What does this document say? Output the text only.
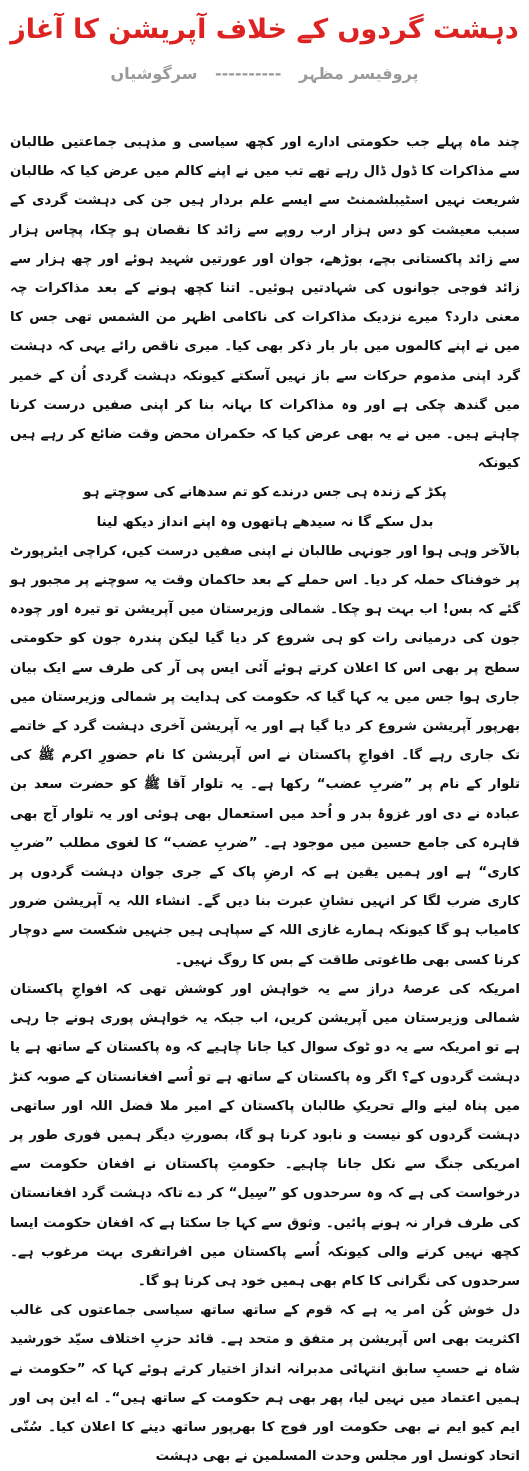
دہشت گردوں کے خلاف آپریشن کا آغاز
پروفیسر مظہر ---------- سرگوشیاں

چند ماہ پہلے جب حکومتی ادارے اور کچھ سیاسی و مذہبی جماعتیں طالبان سے مذاکرات کا ڈول ڈال رہے تھے تب میں نے اپنے کالم میں عرض کیا کہ طالبان شریعت نہیں اسٹیبلشمنٹ سے ایسے علم بردار ہیں جن کی دہشت گردی کے سبب معیشت کو دس ہزار ارب روپے سے زائد کا نقصان ہو چکا، پچاس ہزار سے زائد پاکستانی بچے، بوڑھے، جوان اور عورتیں شہید ہوئے اور چھ ہزار سے زائد فوجی جوانوں کی شہادتیں ہوئیں۔ اتنا کچھ ہونے کے بعد مذاکرات چہ معنی دارد؟ میرے نزدیک مذاکرات کی ناکامی اظہر من الشمس تھی جس کا میں نے اپنے کالموں میں بار بار ذکر بھی کیا۔ میری ناقص رائے یہی کہ دہشت گرد اپنی مذموم حرکات سے باز نہیں آسکتے کیونکہ دہشت گردی اُن کے خمیر میں گندھ چکی ہے اور وہ مذاکرات کا بہانہ بنا کر اپنی صفیں درست کرنا چاہتے ہیں۔ میں نے یہ بھی عرض کیا کہ حکمران محض وقت ضائع کر رہے ہیں کیونکہ

پکڑ کے زندہ ہی جس درندے کو تم سدھانے کی سوچتے ہو
بدل سکے گا نہ سیدھے ہاتھوں وہ اپنے انداز دیکھ لینا

بالآخر وہی ہوا اور جونہی طالبان نے اپنی صفیں درست کیں، کراچی ایئرپورٹ پر خوفناک حملہ کر دیا۔ اس حملے کے بعد حاکمان وقت یہ سوچنے پر مجبور ہو گئے کہ بس! اب بہت ہو چکا۔ شمالی وزیرستان میں آپریشن تو تیرہ اور چودہ جون کی درمیانی رات کو ہی شروع کر دیا گیا لیکن پندرہ جون کو حکومتی سطح پر بھی اس کا اعلان کرتے ہوئے آئی ایس پی آر کی طرف سے ایک بیان جاری ہوا جس میں یہ کہا گیا کہ حکومت کی ہدایت پر شمالی وزیرستان میں بھرپور آپریشن شروع کر دیا گیا ہے اور یہ آپریشن آخری دہشت گرد کے خاتمے تک جاری رہے گا۔ افواجِ پاکستان نے اس آپریشن کا نام حضورِ اکرم ﷺ کی تلوار کے نام پر ”ضربِ عضب“ رکھا ہے۔ یہ تلوار آقا ﷺ کو حضرت سعد بن عبادہ نے دی اور غزوۂ بدر و اُحد میں استعمال بھی ہوئی اور یہ تلوار آج بھی قاہرہ کی جامع حسین میں موجود ہے۔ ”ضربِ عضب“ کا لغوی مطلب ”ضربِ کاری“ ہے اور ہمیں یقین ہے کہ ارضِ پاک کے جری جوان دہشت گردوں پر کاری ضرب لگا کر انہیں نشانِ عبرت بنا دیں گے۔ انشاء اللہ یہ آپریشن ضرور کامیاب ہو گا کیونکہ ہمارے غازی اللہ کے سپاہی ہیں جنہیں شکست سے دوچار کرنا کسی بھی طاغوتی طاقت کے بس کا روگ نہیں۔

امریکہ کی عرصۂ دراز سے یہ خواہش اور کوشش تھی کہ افواجِ پاکستان شمالی وزیرستان میں آپریشن کریں، اب جبکہ یہ خواہش پوری ہونے جا رہی ہے تو امریکہ سے یہ دو ٹوک سوال کیا جانا چاہیے کہ وہ پاکستان کے ساتھ ہے یا دہشت گردوں کے؟ اگر وہ پاکستان کے ساتھ ہے تو اُسے افغانستان کے صوبہ کنڑ میں پناہ لینے والے تحریکِ طالبان پاکستان کے امیر ملا فضل اللہ اور ساتھی دہشت گردوں کو نیست و نابود کرنا ہو گا، بصورتِ دیگر ہمیں فوری طور پر امریکی جنگ سے نکل جانا چاہیے۔ حکومتِ پاکستان نے افغان حکومت سے درخواست کی ہے کہ وہ سرحدوں کو ”سِیل“ کر دے تاکہ دہشت گرد افغانستان کی طرف فرار نہ ہونے پائیں۔ وثوق سے کہا جا سکتا ہے کہ افغان حکومت ایسا کچھ نہیں کرنے والی کیونکہ اُسے پاکستان میں افراتفری بہت مرغوب ہے۔ سرحدوں کی نگرانی کا کام بھی ہمیں خود ہی کرنا ہو گا۔

دل خوش کُن امر یہ ہے کہ قوم کے ساتھ ساتھ سیاسی جماعتوں کی غالب اکثریت بھی اس آپریشن پر متفق و متحد ہے۔ قائد حزبِ اختلاف سیّد خورشید شاہ نے حسبِ سابق انتہائی مدبرانہ انداز اختیار کرتے ہوئے کہا کہ ”حکومت نے ہمیں اعتماد میں نہیں لیا، پھر بھی ہم حکومت کے ساتھ ہیں“۔ اے این پی اور ایم کیو ایم نے بھی حکومت اور فوج کا بھرپور ساتھ دینے کا اعلان کیا۔ سُنّی اتحاد کونسل اور مجلس وحدت المسلمین نے بھی دہشت
